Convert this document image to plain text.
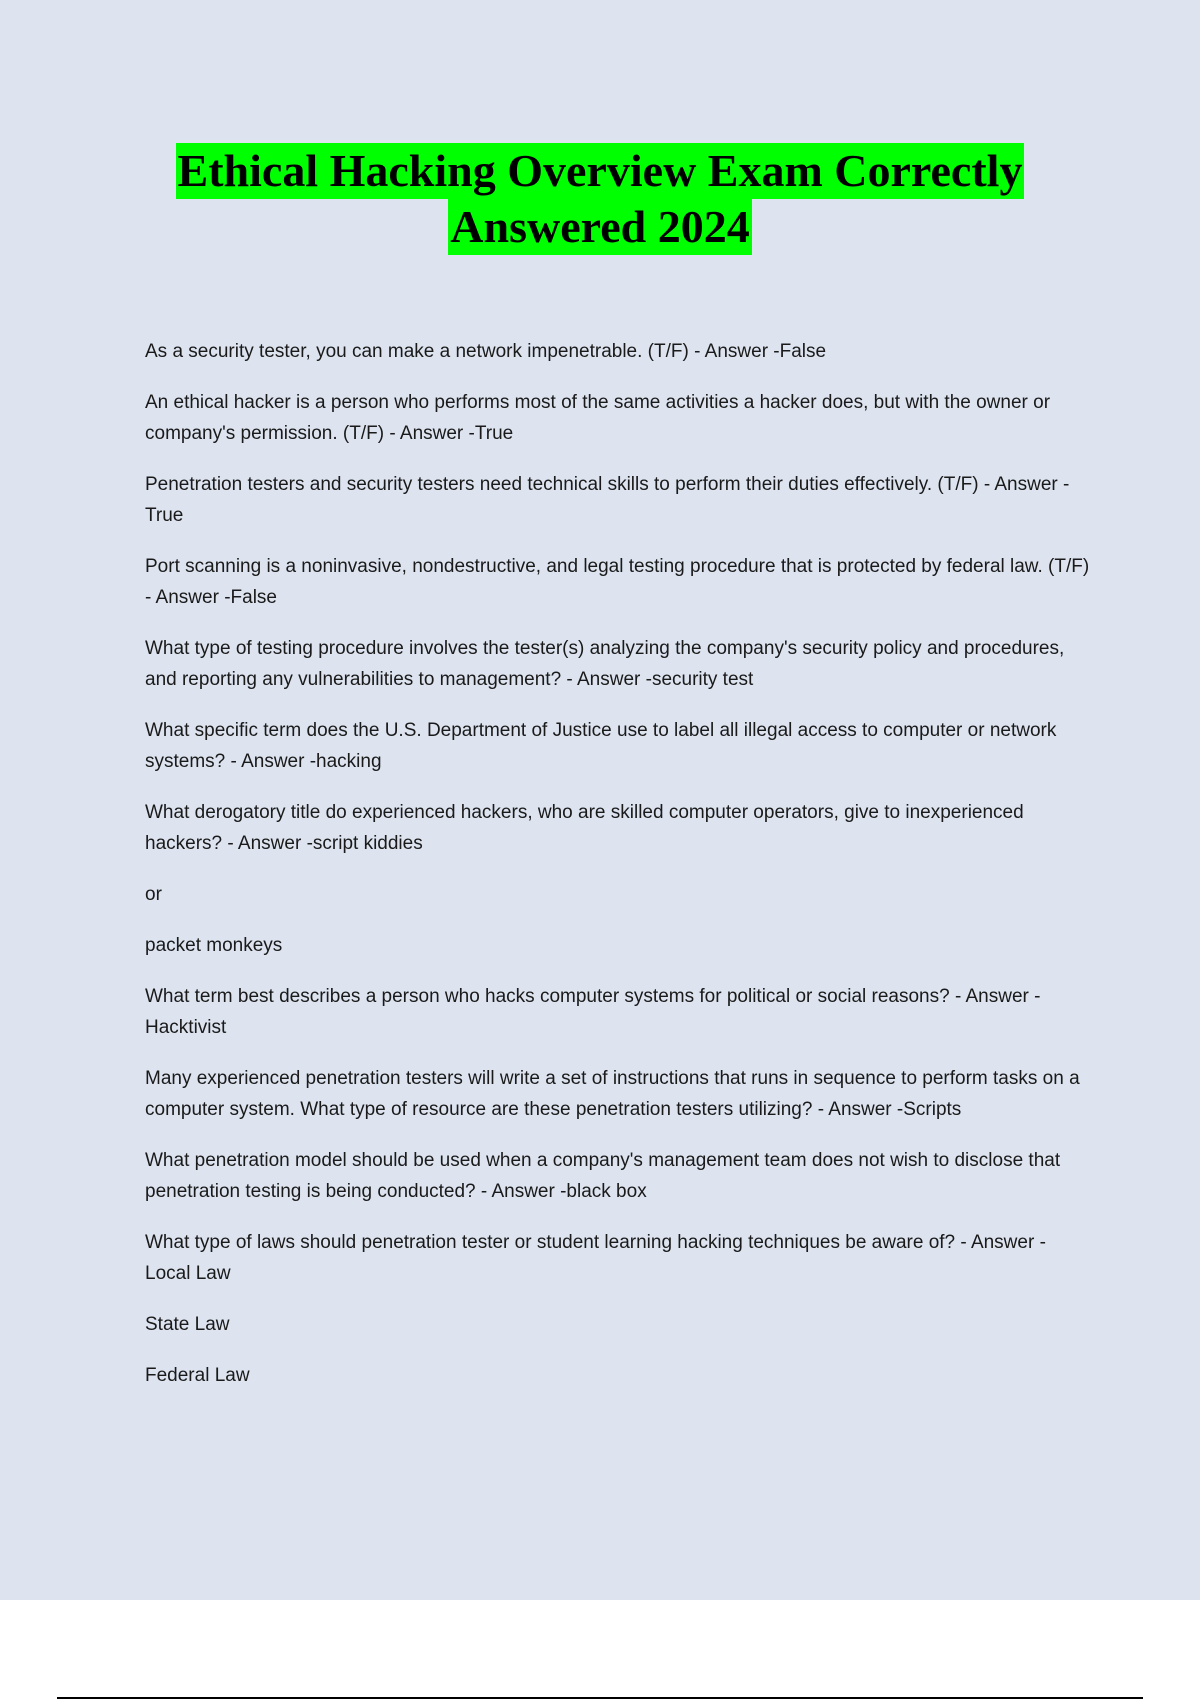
Ethical Hacking Overview Exam Correctly
Answered 2024

As a security tester, you can make a network impenetrable. (T/F) - Answer -False

An ethical hacker is a person who performs most of the same activities a hacker does, but with the owner or company's permission. (T/F) - Answer -True

Penetration testers and security testers need technical skills to perform their duties effectively. (T/F) - Answer -True

Port scanning is a noninvasive, nondestructive, and legal testing procedure that is protected by federal law. (T/F) - Answer -False

What type of testing procedure involves the tester(s) analyzing the company's security policy and procedures, and reporting any vulnerabilities to management? - Answer -security test

What specific term does the U.S. Department of Justice use to label all illegal access to computer or network systems? - Answer -hacking

What derogatory title do experienced hackers, who are skilled computer operators, give to inexperienced hackers? - Answer -script kiddies

or

packet monkeys

What term best describes a person who hacks computer systems for political or social reasons? - Answer -Hacktivist

Many experienced penetration testers will write a set of instructions that runs in sequence to perform tasks on a computer system. What type of resource are these penetration testers utilizing? - Answer -Scripts

What penetration model should be used when a company's management team does not wish to disclose that penetration testing is being conducted? - Answer -black box

What type of laws should penetration tester or student learning hacking techniques be aware of? - Answer -Local Law

State Law

Federal Law
